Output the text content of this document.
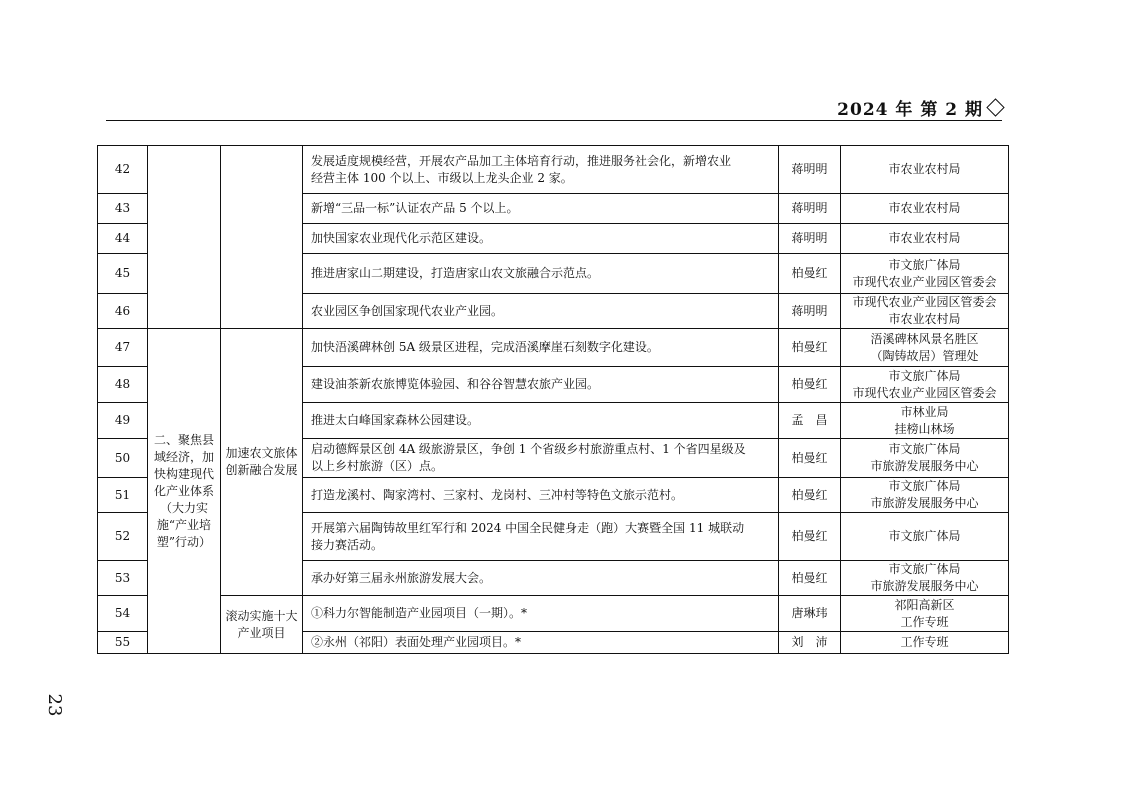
2024 年 第 2 期
42			发展适度规模经营，开展农产品加工主体培育行动，推进服务社会化，新增农业
经营主体 100 个以上、市级以上龙头企业 2 家。	蒋明明	市农业农村局

43			新增“三品一标”认证农产品 5 个以上。	蒋明明	市农业农村局

44			加快国家农业现代化示范区建设。	蒋明明	市农业农村局

45			推进唐家山二期建设，打造唐家山农文旅融合示范点。	柏曼红	市文旅广体局
市现代农业产业园区管委会

46			农业园区争创国家现代农业产业园。	蒋明明	市现代农业产业园区管委会
市农业农村局

47	二、聚焦县域经济，加快构建现代化产业体系（大力实施“产业培塑”行动）	加速农文旅体创新融合发展	加快浯溪碑林创 5A 级景区进程，完成浯溪摩崖石刻数字化建设。	柏曼红	浯溪碑林风景名胜区
（陶铸故居）管理处

48			建设油茶新农旅博览体验园、和谷谷智慧农旅产业园。	柏曼红	市文旅广体局
市现代农业产业园区管委会

49			推进太白峰国家森林公园建设。	孟　昌	市林业局
挂榜山林场

50			启动德辉景区创 4A 级旅游景区，争创 1 个省级乡村旅游重点村、1 个省四星级及
以上乡村旅游（区）点。	柏曼红	市文旅广体局
市旅游发展服务中心

51			打造龙溪村、陶家湾村、三家村、龙岗村、三冲村等特色文旅示范村。	柏曼红	市文旅广体局
市旅游发展服务中心

52			开展第六届陶铸故里红军行和 2024 中国全民健身走（跑）大赛暨全国 11 城联动
接力赛活动。	柏曼红	市文旅广体局

53			承办好第三届永州旅游发展大会。	柏曼红	市文旅广体局
市旅游发展服务中心

54		滚动实施十大产业项目	①科力尔智能制造产业园项目（一期）。*	唐琳玮	祁阳高新区
工作专班

55			②永州（祁阳）表面处理产业园项目。*	刘　沛	工作专班
23
